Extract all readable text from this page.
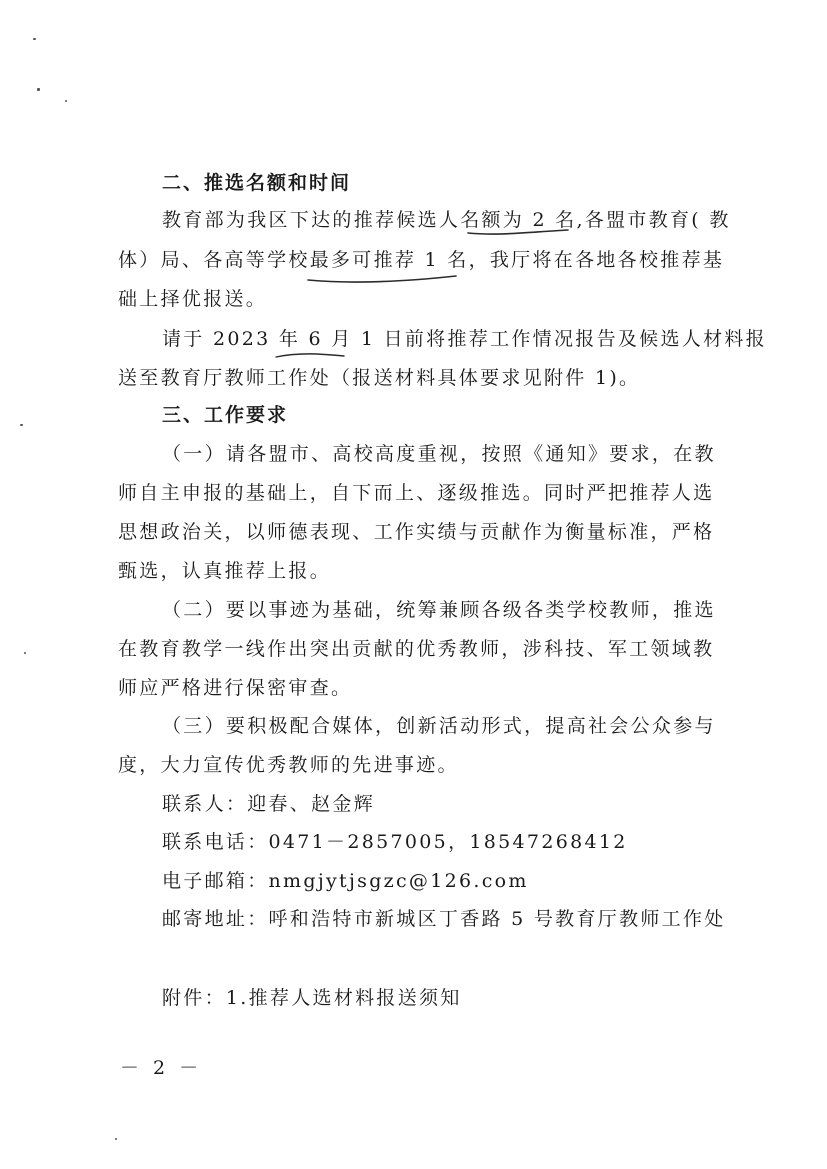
二、推选名额和时间
教育部为我区下达的推荐候选人名额为 2 名,各盟市教育( 教
体）局、各高等学校最多可推荐 1 名，我厅将在各地各校推荐基
础上择优报送。
请于 2023 年 6 月 1 日前将推荐工作情况报告及候选人材料报
送至教育厅教师工作处（报送材料具体要求见附件 1)。
三、工作要求
（一）请各盟市、高校高度重视，按照《通知》要求，在教
师自主申报的基础上，自下而上、逐级推选。同时严把推荐人选
思想政治关，以师德表现、工作实绩与贡献作为衡量标准，严格
甄选，认真推荐上报。
（二）要以事迹为基础，统筹兼顾各级各类学校教师，推选
在教育教学一线作出突出贡献的优秀教师，涉科技、军工领域教
师应严格进行保密审查。
（三）要积极配合媒体，创新活动形式，提高社会公众参与
度，大力宣传优秀教师的先进事迹。
联系人：迎春、赵金辉
联系电话：0471－2857005，18547268412
电子邮箱：nmgjytjsgzc@126.com
邮寄地址：呼和浩特市新城区丁香路 5 号教育厅教师工作处
附件：1.推荐人选材料报送须知
－ 2 －
